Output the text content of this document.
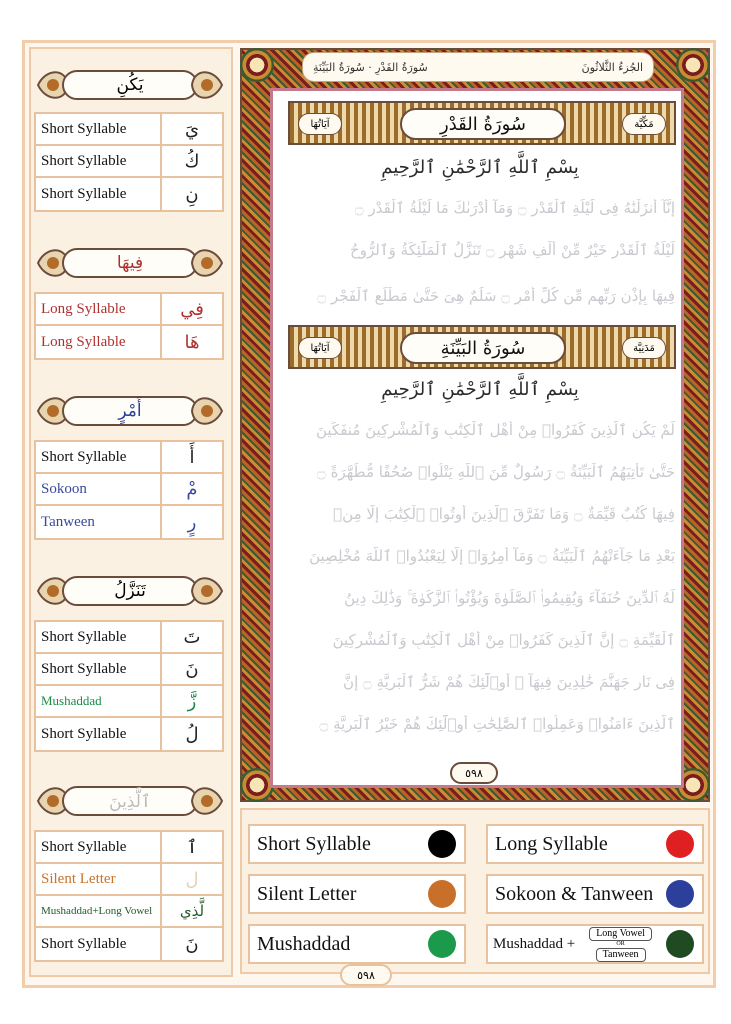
يَكُنِ
Short Syllable	يَ
Short Syllable	كُ
Short Syllable	نِ
فِيهَا
Long Syllable	فِي
Long Syllable	هَا
أَمْرٍ
Short Syllable	أَ
Sokoon	مْ
Tanween	رٍ
تَنَزَّلُ
Short Syllable	تَ
Short Syllable	نَ
Mushaddad	زَّ
Short Syllable	لُ
ٱلَّذِينَ
Short Syllable	ٱ
Silent Letter	ل
Mushaddad+Long Vowel	لَّذِي
Short Syllable	نَ
سُورَةُ القَدْرِ · سُورَةُ البَيِّنَةِ	الجُزءُ الثَّلاثُونَ
آيَاتُهَا	سُورَةُ القَدْرِ	مَكِّيَّة
بِسْمِ ٱللَّهِ ٱلرَّحْمَٰنِ ٱلرَّحِيمِ
إِنَّآ أَنزَلْنَٰهُ فِى لَيْلَةِ ٱلْقَدْرِ ۝ وَمَآ أَدْرَىٰكَ مَا لَيْلَةُ ٱلْقَدْرِ ۝
لَيْلَةُ ٱلْقَدْرِ خَيْرٌ مِّنْ أَلْفِ شَهْرٍ ۝ تَنَزَّلُ ٱلْمَلَٰٓئِكَةُ وَٱلرُّوحُ
فِيهَا بِإِذْنِ رَبِّهِم مِّن كُلِّ أَمْرٍ ۝ سَلَٰمٌ هِىَ حَتَّىٰ مَطْلَعِ ٱلْفَجْرِ ۝
آيَاتُهَا	سُورَةُ البَيِّنَةِ	مَدَنِيَّة
بِسْمِ ٱللَّهِ ٱلرَّحْمَٰنِ ٱلرَّحِيمِ
لَمْ يَكُنِ ٱلَّذِينَ كَفَرُوا۟ مِنْ أَهْلِ ٱلْكِتَٰبِ وَٱلْمُشْرِكِينَ مُنفَكِّينَ
حَتَّىٰ تَأْتِيَهُمُ ٱلْبَيِّنَةُ ۝ رَسُولٌ مِّنَ ٱللَّهِ يَتْلُوا۟ صُحُفًا مُّطَهَّرَةً ۝
فِيهَا كُتُبٌ قَيِّمَةٌ ۝ وَمَا تَفَرَّقَ ٱلَّذِينَ أُوتُوا۟ ٱلْكِتَٰبَ إِلَّا مِنۢ
بَعْدِ مَا جَآءَتْهُمُ ٱلْبَيِّنَةُ ۝ وَمَآ أُمِرُوٓا۟ إِلَّا لِيَعْبُدُوا۟ ٱللَّهَ مُخْلِصِينَ
لَهُ ٱلدِّينَ حُنَفَآءَ وَيُقِيمُوا۟ ٱلصَّلَوٰةَ وَيُؤْتُوا۟ ٱلزَّكَوٰةَ ۚ وَذَٰلِكَ دِينُ
ٱلْقَيِّمَةِ ۝ إِنَّ ٱلَّذِينَ كَفَرُوا۟ مِنْ أَهْلِ ٱلْكِتَٰبِ وَٱلْمُشْرِكِينَ
فِى نَارِ جَهَنَّمَ خَٰلِدِينَ فِيهَآ ۚ أُو۟لَٰٓئِكَ هُمْ شَرُّ ٱلْبَرِيَّةِ ۝ إِنَّ
ٱلَّذِينَ ءَامَنُوا۟ وَعَمِلُوا۟ ٱلصَّٰلِحَٰتِ أُو۟لَٰٓئِكَ هُمْ خَيْرُ ٱلْبَرِيَّةِ ۝
٥٩٨
Short Syllable	Long Syllable
Silent Letter	Sokoon & Tanween
Mushaddad	Mushaddad +
Long Vowel
OR
Tanween
٥٩٨
